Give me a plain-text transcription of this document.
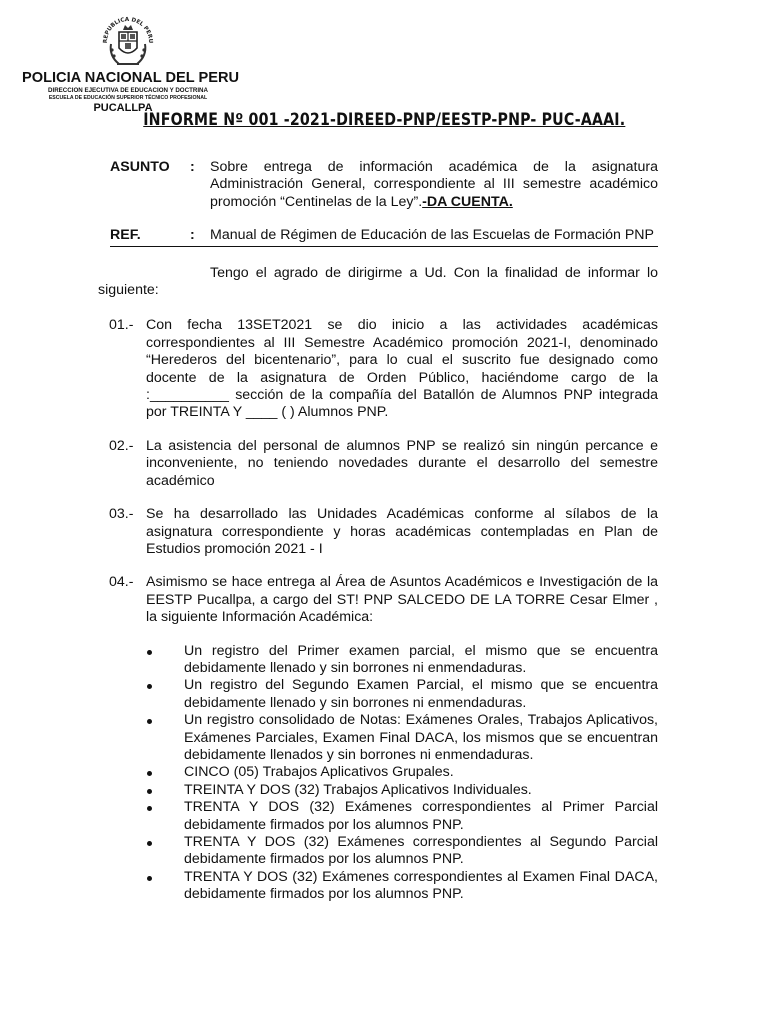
REPUBLICA DEL PERU
POLICIA NACIONAL DEL PERU
DIRECCION EJECUTIVA DE EDUCACION Y DOCTRINA
ESCUELA DE EDUCACIÓN SUPERIOR TÉCNICO PROFESIONAL
PUCALLPA
INFORME Nº 001 -2021-DIREED-PNP/EESTP-PNP- PUC-AAAI.
ASUNTO	:	Sobre entrega de información académica de la asignatura Administración General, correspondiente al III semestre académico promoción “Centinelas de la Ley”.-DA CUENTA.
REF.	:	Manual de Régimen de Educación de las Escuelas de Formación PNP
Tengo el agrado de dirigirme a Ud. Con la finalidad de informar lo siguiente:
01.- Con fecha 13SET2021 se dio inicio a las actividades académicas correspondientes al III Semestre Académico promoción 2021-I, denominado “Herederos del bicentenario”, para lo cual el suscrito fue designado como docente de la asignatura de Orden Público, haciéndome cargo de la :__________ sección de la compañía del Batallón de Alumnos PNP integrada por TREINTA Y ____ ( ) Alumnos PNP.
02.- La asistencia del personal de alumnos PNP se realizó sin ningún percance e inconveniente, no teniendo novedades durante el desarrollo del semestre académico
03.- Se ha desarrollado las Unidades Académicas conforme al sílabos de la asignatura correspondiente y horas académicas contempladas en Plan de Estudios promoción 2021 - I
04.- Asimismo se hace entrega al Área de Asuntos Académicos e Investigación de la EESTP Pucallpa, a cargo del ST! PNP SALCEDO DE LA TORRE Cesar Elmer , la siguiente Información Académica:
Un registro del Primer examen parcial, el mismo que se encuentra debidamente llenado y sin borrones ni enmendaduras.
Un registro del Segundo Examen Parcial, el mismo que se encuentra debidamente llenado y sin borrones ni enmendaduras.
Un registro consolidado de Notas: Exámenes Orales, Trabajos Aplicativos, Exámenes Parciales, Examen Final DACA, los mismos que se encuentran debidamente llenados y sin borrones ni enmendaduras.
CINCO (05) Trabajos Aplicativos Grupales.
TREINTA Y DOS (32) Trabajos Aplicativos Individuales.
TRENTA Y DOS (32) Exámenes correspondientes al Primer Parcial debidamente firmados por los alumnos PNP.
TRENTA Y DOS (32) Exámenes correspondientes al Segundo Parcial debidamente firmados por los alumnos PNP.
TRENTA Y DOS (32) Exámenes correspondientes al Examen Final DACA, debidamente firmados por los alumnos PNP.
